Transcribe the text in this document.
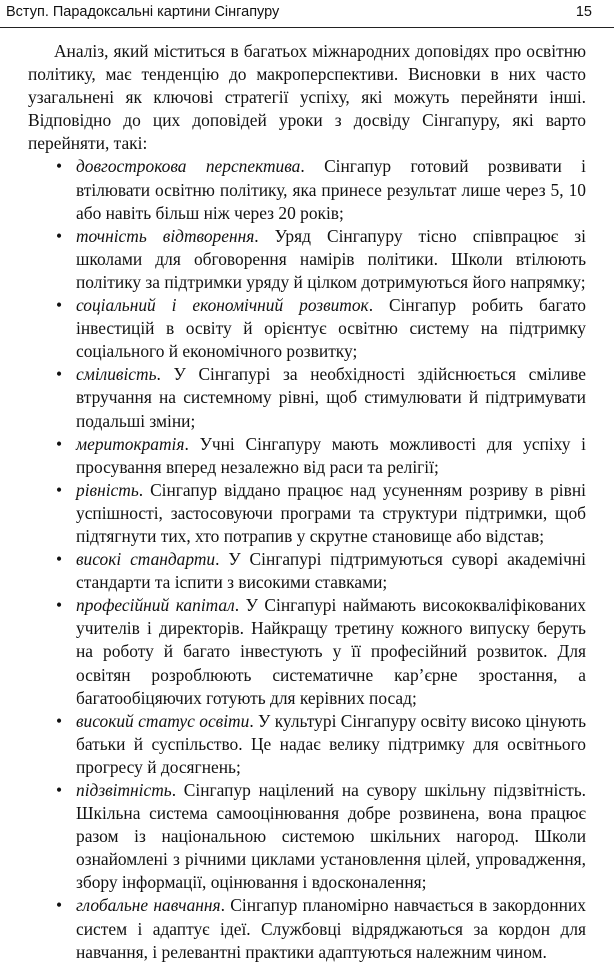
Вступ. Парадоксальні картини Сінгапуру	15

Аналіз, який міститься в багатьох міжнародних доповідях про освітню політику, має тенденцію до макроперспективи. Висновки в них часто узагальнені як ключові стратегії успіху, які можуть перейняти інші. Відповідно до цих доповідей уроки з досвіду Сінгапуру, які варто перейняти, такі:

• довгострокова перспектива. Сінгапур готовий розвивати і втілювати освітню політику, яка принесе результат лише через 5, 10 або навіть більш ніж через 20 років;
• точність відтворення. Уряд Сінгапуру тісно співпрацює зі школами для обговорення намірів політики. Школи втілюють політику за підтримки уряду й цілком дотримуються його напрямку;
• соціальний і економічний розвиток. Сінгапур робить багато інвестицій в освіту й орієнтує освітню систему на підтримку соціального й економічного розвитку;
• сміливість. У Сінгапурі за необхідності здійснюється сміливе втручання на системному рівні, щоб стимулювати й підтримувати подальші зміни;
• меритократія. Учні Сінгапуру мають можливості для успіху і просування вперед незалежно від раси та релігії;
• рівність. Сінгапур віддано працює над усуненням розриву в рівні успішності, застосовуючи програми та структури підтримки, щоб підтягнути тих, хто потрапив у скрутне становище або відстав;
• високі стандарти. У Сінгапурі підтримуються суворі академічні стандарти та іспити з високими ставками;
• професійний капітал. У Сінгапурі наймають висококваліфікованих учителів і директорів. Найкращу третину кожного випуску беруть на роботу й багато інвестують у її професійний розвиток. Для освітян розроблюють систематичне кар’єрне зростання, а багатообіцяючих готують для керівних посад;
• високий статус освіти. У культурі Сінгапуру освіту високо цінують батьки й суспільство. Це надає велику підтримку для освітнього прогресу й досягнень;
• підзвітність. Сінгапур націлений на сувору шкільну підзвітність. Шкільна система самооцінювання добре розвинена, вона працює разом із національною системою шкільних нагород. Школи ознайомлені з річними циклами установлення цілей, упровадження, збору інформації, оцінювання і вдосконалення;
• глобальне навчання. Сінгапур планомірно навчається в закордонних систем і адаптує ідеї. Службовці відряджаються за кордон для навчання, і релевантні практики адаптуються належним чином.
